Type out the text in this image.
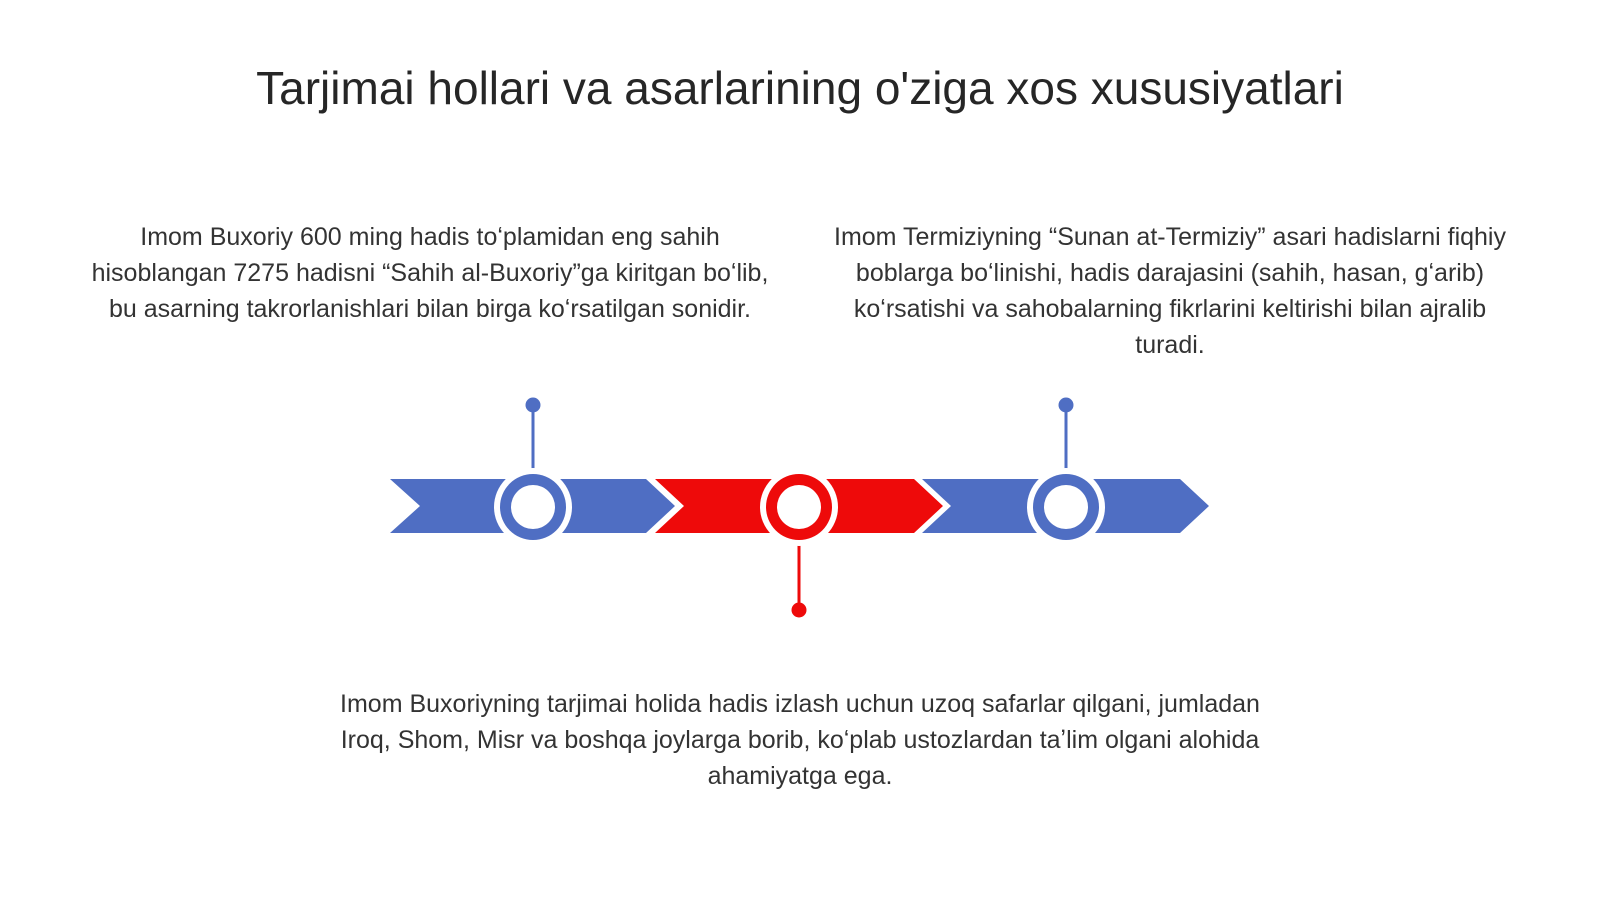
Tarjimai hollari va asarlarining o'ziga xos xususiyatlari
Imom Buxoriy 600 ming hadis toʻplamidan eng sahih hisoblangan 7275 hadisni “Sahih al-Buxoriy”ga kiritgan boʻlib, bu asarning takrorlanishlari bilan birga koʻrsatilgan sonidir.
Imom Termiziyning “Sunan at-Termiziy” asari hadislarni fiqhiy boblarga boʻlinishi, hadis darajasini (sahih, hasan, gʻarib) koʻrsatishi va sahobalarning fikrlarini keltirishi bilan ajralib turadi.
Imom Buxoriyning tarjimai holida hadis izlash uchun uzoq safarlar qilgani, jumladan Iroq, Shom, Misr va boshqa joylarga borib, koʻplab ustozlardan taʼlim olgani alohida ahamiyatga ega.
